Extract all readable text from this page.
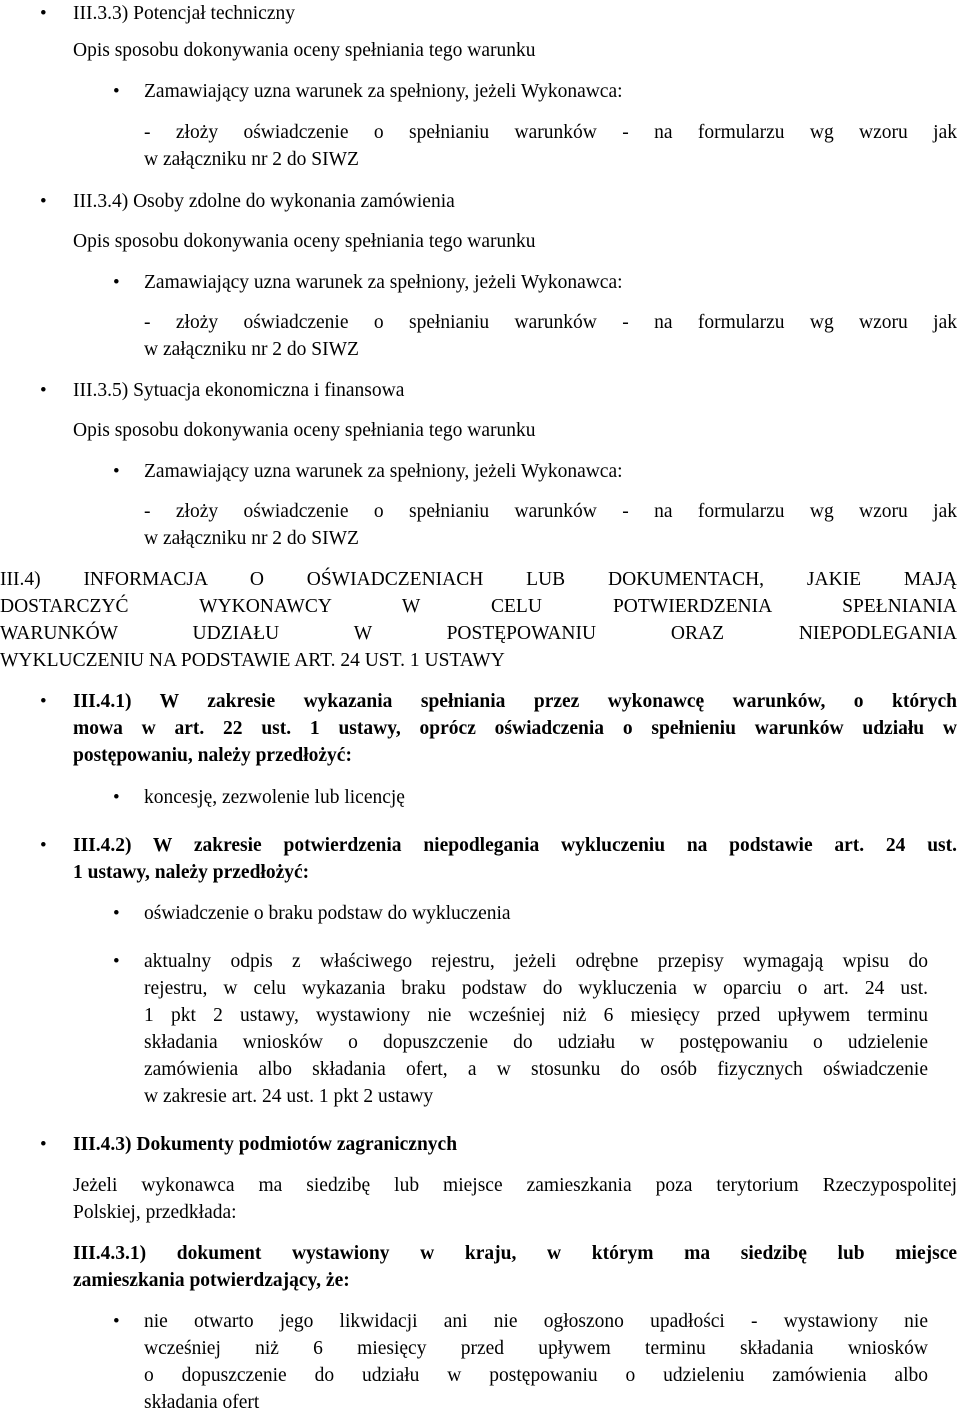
• III.3.3) Potencjał techniczny
Opis sposobu dokonywania oceny spełniania tego warunku
• Zamawiający uzna warunek za spełniony, jeżeli Wykonawca:
- złoży oświadczenie o spełnianiu warunków - na formularzu wg wzoru jak
w załączniku nr 2 do SIWZ
• III.3.4) Osoby zdolne do wykonania zamówienia
Opis sposobu dokonywania oceny spełniania tego warunku
• Zamawiający uzna warunek za spełniony, jeżeli Wykonawca:
- złoży oświadczenie o spełnianiu warunków - na formularzu wg wzoru jak
w załączniku nr 2 do SIWZ
• III.3.5) Sytuacja ekonomiczna i finansowa
Opis sposobu dokonywania oceny spełniania tego warunku
• Zamawiający uzna warunek za spełniony, jeżeli Wykonawca:
- złoży oświadczenie o spełnianiu warunków - na formularzu wg wzoru jak
w załączniku nr 2 do SIWZ
III.4) INFORMACJA O OŚWIADCZENIACH LUB DOKUMENTACH, JAKIE MAJĄ
DOSTARCZYĆ WYKONAWCY W CELU POTWIERDZENIA SPEŁNIANIA
WARUNKÓW UDZIAŁU W POSTĘPOWANIU ORAZ NIEPODLEGANIA
WYKLUCZENIU NA PODSTAWIE ART. 24 UST. 1 USTAWY
• III.4.1) W zakresie wykazania spełniania przez wykonawcę warunków, o których
mowa w art. 22 ust. 1 ustawy, oprócz oświadczenia o spełnieniu warunków udziału w
postępowaniu, należy przedłożyć:
• koncesję, zezwolenie lub licencję
• III.4.2) W zakresie potwierdzenia niepodlegania wykluczeniu na podstawie art. 24 ust.
1 ustawy, należy przedłożyć:
• oświadczenie o braku podstaw do wykluczenia
• aktualny odpis z właściwego rejestru, jeżeli odrębne przepisy wymagają wpisu do
rejestru, w celu wykazania braku podstaw do wykluczenia w oparciu o art. 24 ust.
1 pkt 2 ustawy, wystawiony nie wcześniej niż 6 miesięcy przed upływem terminu
składania wniosków o dopuszczenie do udziału w postępowaniu o udzielenie
zamówienia albo składania ofert, a w stosunku do osób fizycznych oświadczenie
w zakresie art. 24 ust. 1 pkt 2 ustawy
• III.4.3) Dokumenty podmiotów zagranicznych
Jeżeli wykonawca ma siedzibę lub miejsce zamieszkania poza terytorium Rzeczypospolitej
Polskiej, przedkłada:
III.4.3.1) dokument wystawiony w kraju, w którym ma siedzibę lub miejsce
zamieszkania potwierdzający, że:
• nie otwarto jego likwidacji ani nie ogłoszono upadłości - wystawiony nie
wcześniej niż 6 miesięcy przed upływem terminu składania wniosków
o dopuszczenie do udziału w postępowaniu o udzieleniu zamówienia albo
składania ofert
